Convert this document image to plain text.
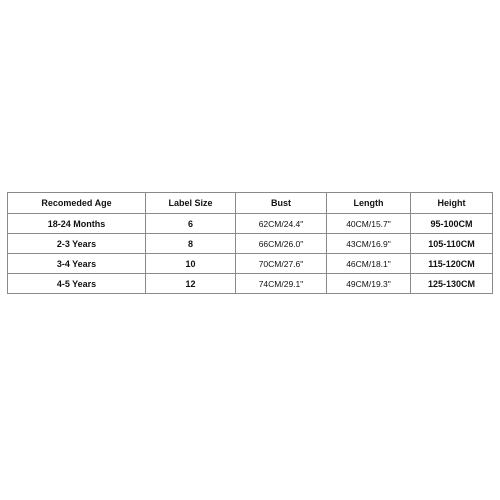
Recomeded Age	Label Size	Bust	Length	Height
18-24 Months	6	62CM/24.4"	40CM/15.7"	95-100CM
2-3 Years	8	66CM/26.0"	43CM/16.9"	105-110CM
3-4 Years	10	70CM/27.6"	46CM/18.1"	115-120CM
4-5 Years	12	74CM/29.1"	49CM/19.3"	125-130CM
